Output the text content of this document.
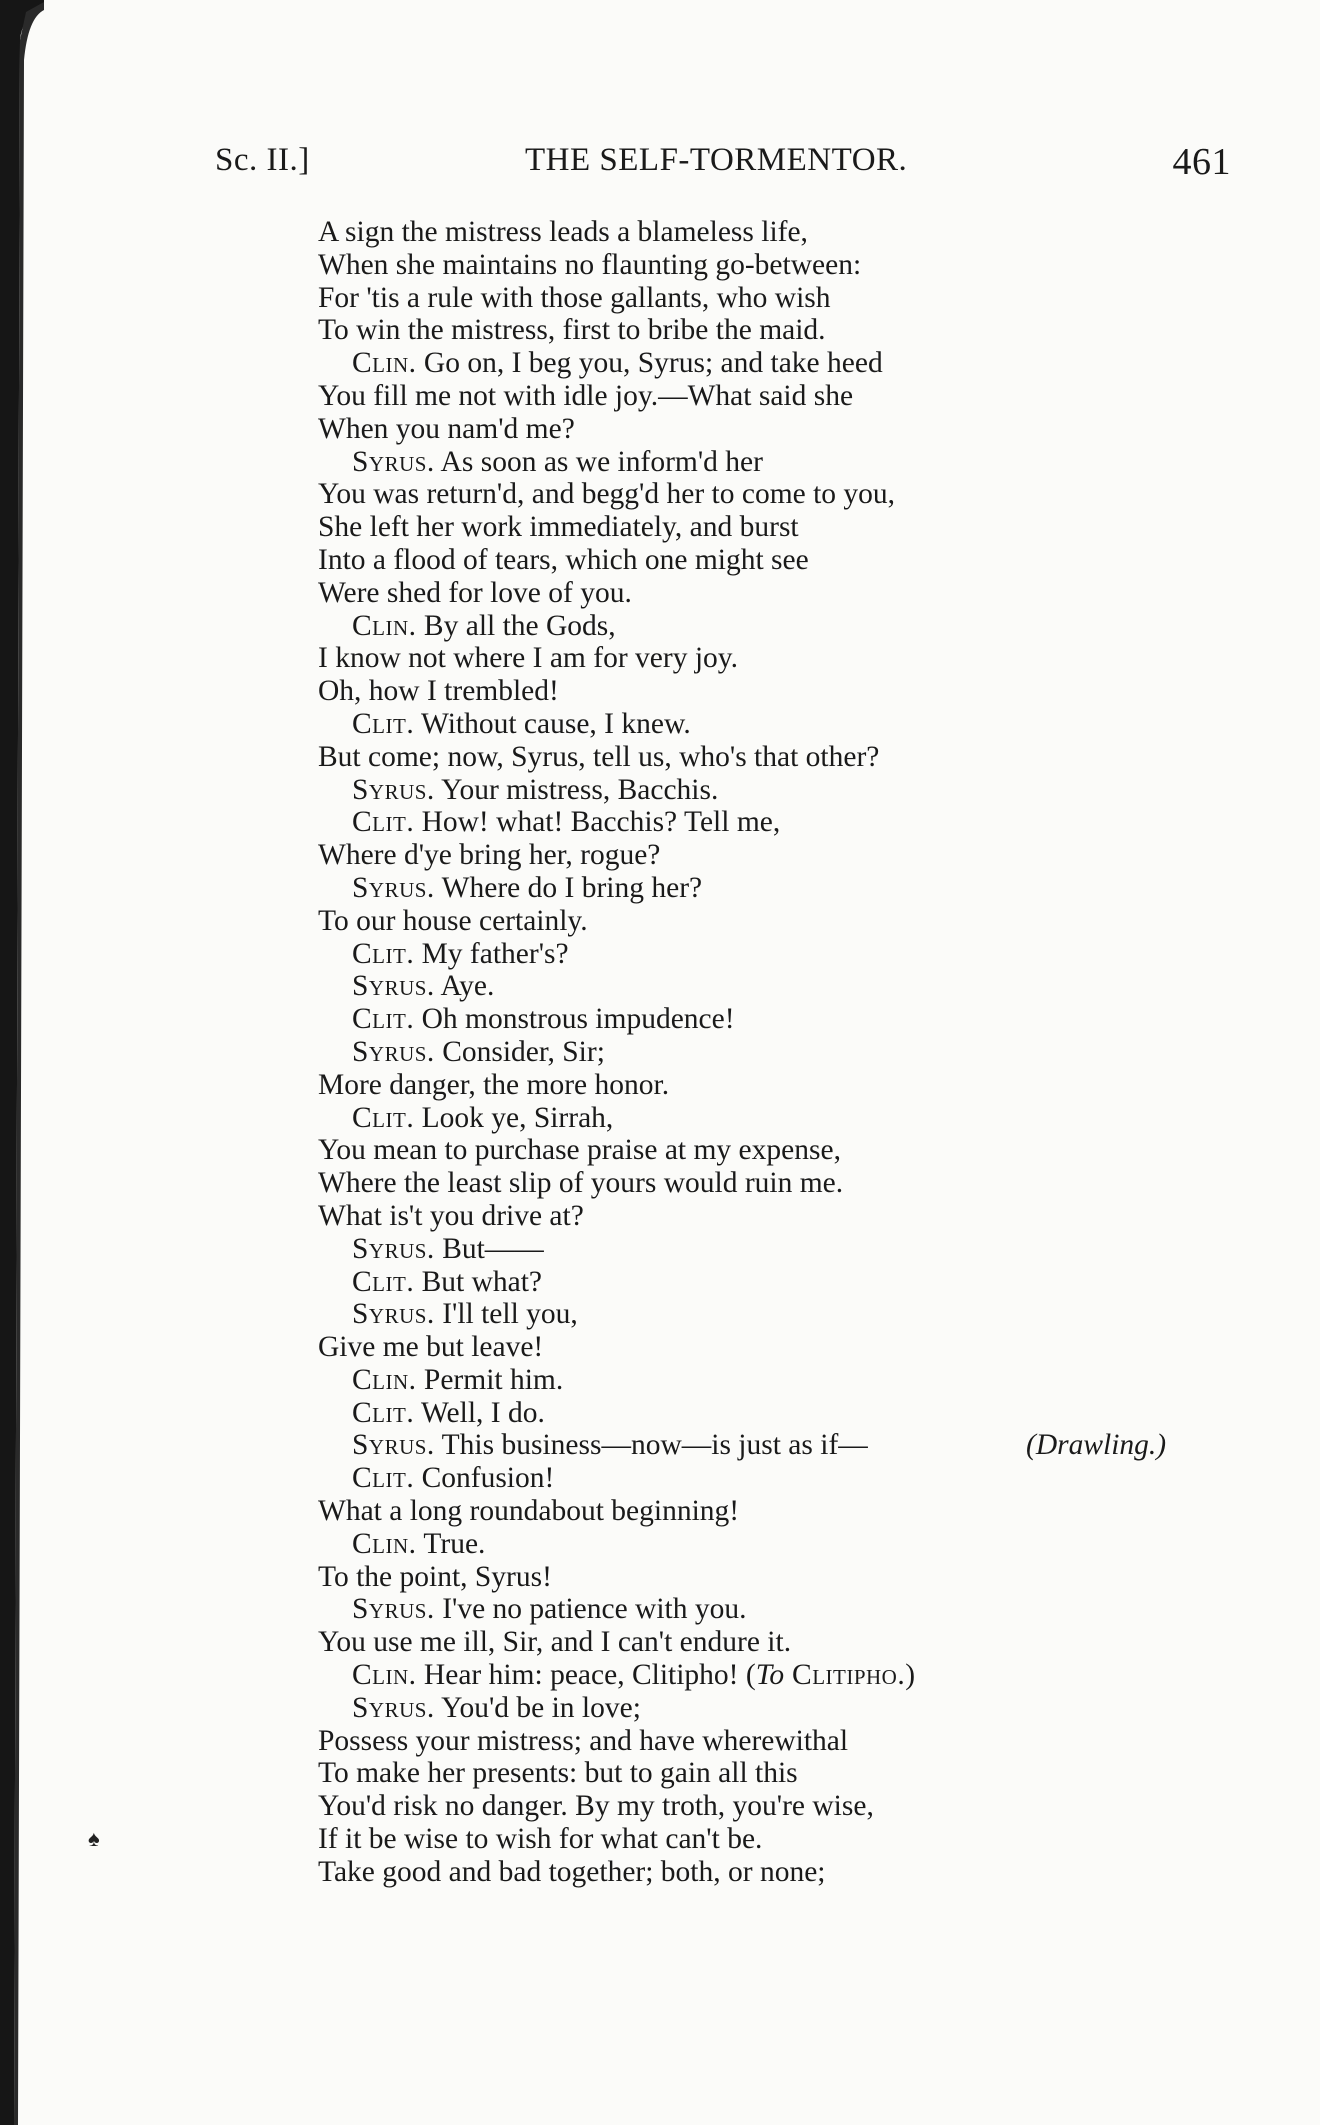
♠
Sc. II.]	THE SELF-TORMENTOR.	461
A sign the mistress leads a blameless life,
When she maintains no flaunting go-between:
For 'tis a rule with those gallants, who wish
To win the mistress, first to bribe the maid.
Clin. Go on, I beg you, Syrus; and take heed
You fill me not with idle joy.—What said she
When you nam'd me?
Syrus. As soon as we inform'd her
You was return'd, and begg'd her to come to you,
She left her work immediately, and burst
Into a flood of tears, which one might see
Were shed for love of you.
Clin. By all the Gods,
I know not where I am for very joy.
Oh, how I trembled!
Clit. Without cause, I knew.
But come; now, Syrus, tell us, who's that other?
Syrus. Your mistress, Bacchis.
Clit. How! what! Bacchis? Tell me,
Where d'ye bring her, rogue?
Syrus. Where do I bring her?
To our house certainly.
Clit. My father's?
Syrus. Aye.
Clit. Oh monstrous impudence!
Syrus. Consider, Sir;
More danger, the more honor.
Clit. Look ye, Sirrah,
You mean to purchase praise at my expense,
Where the least slip of yours would ruin me.
What is't you drive at?
Syrus. But——
Clit. But what?
Syrus. I'll tell you,
Give me but leave!
Clin. Permit him.
Clit. Well, I do.
Syrus. This business—now—is just as if—	(Drawling.)
Clit. Confusion!
What a long roundabout beginning!
Clin. True.
To the point, Syrus!
Syrus. I've no patience with you.
You use me ill, Sir, and I can't endure it.
Clin. Hear him: peace, Clitipho! (To Clitipho.)
Syrus. You'd be in love;
Possess your mistress; and have wherewithal
To make her presents: but to gain all this
You'd risk no danger. By my troth, you're wise,
If it be wise to wish for what can't be.
Take good and bad together; both, or none;
